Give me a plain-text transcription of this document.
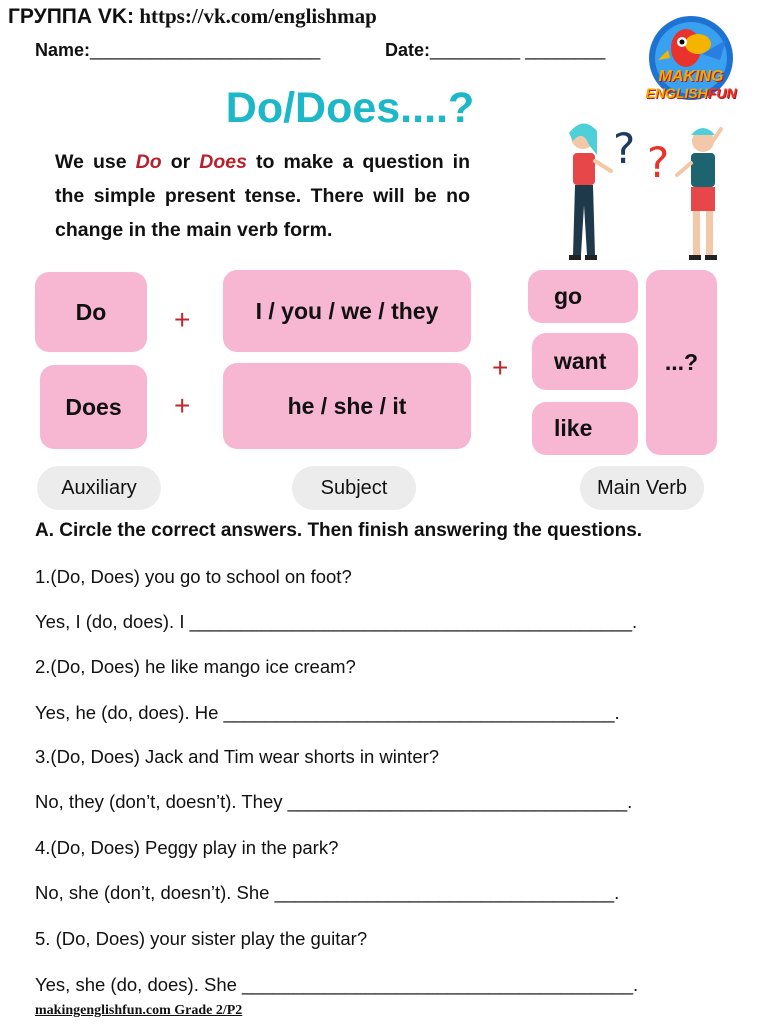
ГРУППА VK: https://vk.com/englishmap
Name:_______________________	Date:_________ ________
MAKING
ENGLISHFUN
Do/Does....?
We use Do or Does to make a question in the simple present tense. There will be no change in the main verb form.
? ?
Do
Does
+
+
I / you / we / they
he / she / it
+
go
want
like
...?
Auxiliary	Subject	Main Verb
A. Circle the correct answers. Then finish answering the questions.
1.(Do, Does) you go to school on foot?
Yes, I (do, does). I ___________________________________________.
2.(Do, Does) he like mango ice cream?
Yes, he (do, does). He ______________________________________.
3.(Do, Does) Jack and Tim wear shorts in winter?
No, they (don’t, doesn’t). They _________________________________.
4.(Do, Does) Peggy play in the park?
No, she (don’t, doesn’t). She _________________________________.
5. (Do, Does) your sister play the guitar?
Yes, she (do, does). She ______________________________________.
makingenglishfun.com Grade 2/P2
